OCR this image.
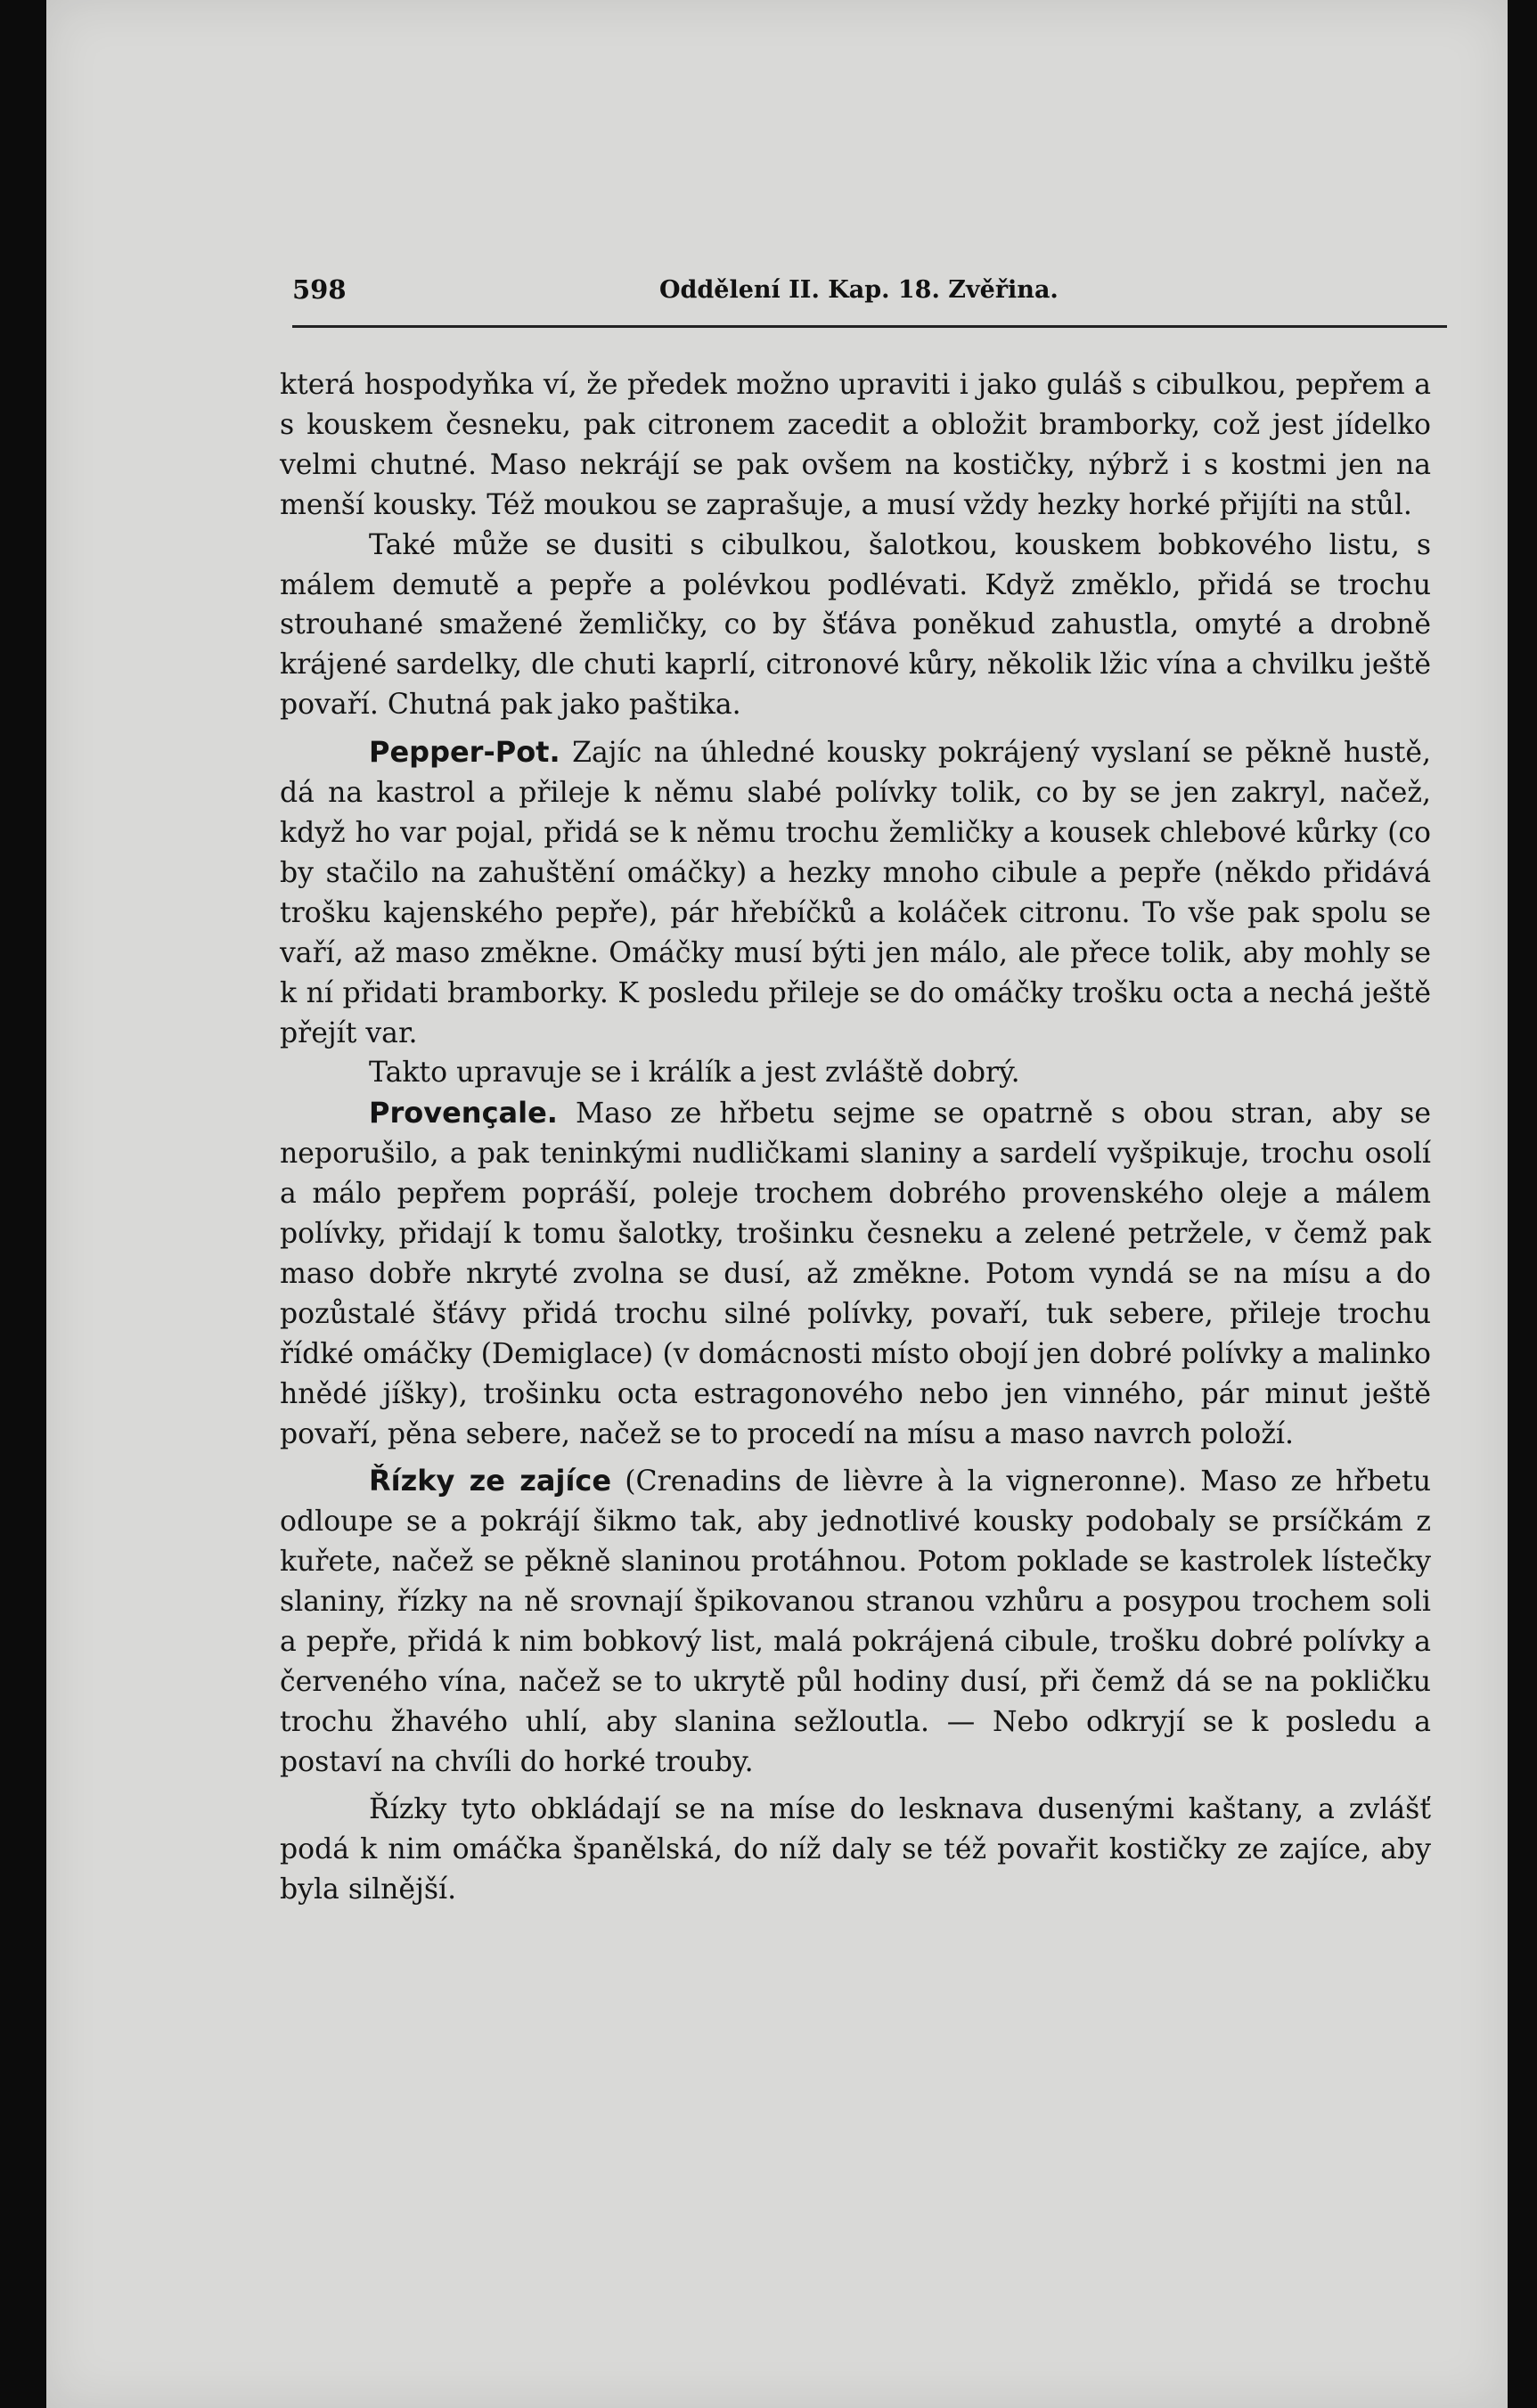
598	Oddělení II. Kap. 18. Zvěřina.

která hospodyňka ví, že předek možno upraviti i jako guláš s cibulkou, pepřem a s kouskem česneku, pak citronem zacedit a obložit bramborky, což jest jídelko velmi chutné. Maso nekrájí se pak ovšem na kostičky, nýbrž i s kostmi jen na menší kousky. Též moukou se zaprašuje, a musí vždy hezky horké přijíti na stůl.

Také může se dusiti s cibulkou, šalotkou, kouskem bobkového listu, s málem demutě a pepře a polévkou podlévati. Když změklo, přidá se trochu strouhané smažené žemličky, co by šťáva poněkud zahustla, omyté a drobně krájené sardelky, dle chuti kaprlí, citronové kůry, několik lžic vína a chvilku ještě povaří. Chutná pak jako paštika.

Pepper-Pot. Zajíc na úhledné kousky pokrájený vyslaní se pěkně hustě, dá na kastrol a přileje k němu slabé polívky tolik, co by se jen zakryl, načež, když ho var pojal, přidá se k němu trochu žemličky a kousek chlebové kůrky (co by stačilo na zahuštění omáčky) a hezky mnoho cibule a pepře (někdo přidává trošku kajenského pepře), pár hřebíčků a koláček citronu. To vše pak spolu se vaří, až maso změkne. Omáčky musí býti jen málo, ale přece tolik, aby mohly se k ní přidati bramborky. K posledu přileje se do omáčky trošku octa a nechá ještě přejít var.

Takto upravuje se i králík a jest zvláště dobrý.

Provençale. Maso ze hřbetu sejme se opatrně s obou stran, aby se neporušilo, a pak teninkými nudličkami slaniny a sardelí vyšpikuje, trochu osolí a málo pepřem popráší, poleje trochem dobrého provenského oleje a málem polívky, přidají k tomu šalotky, trošinku česneku a zelené petržele, v čemž pak maso dobře nkryté zvolna se dusí, až změkne. Potom vyndá se na mísu a do pozůstalé šťávy přidá trochu silné polívky, povaří, tuk sebere, přileje trochu řídké omáčky (Demiglace) (v domácnosti místo obojí jen dobré polívky a malinko hnědé jíšky), trošinku octa estragonového nebo jen vinného, pár minut ještě povaří, pěna sebere, načež se to procedí na mísu a maso navrch položí.

Řízky ze zajíce (Crenadins de lièvre à la vigneronne). Maso ze hřbetu odloupe se a pokrájí šikmo tak, aby jednotlivé kousky podobaly se prsíčkám z kuřete, načež se pěkně slaninou protáhnou. Potom poklade se kastrolek lístečky slaniny, řízky na ně srovnají špikovanou stranou vzhůru a posypou trochem soli a pepře, přidá k nim bobkový list, malá pokrájená cibule, trošku dobré polívky a červeného vína, načež se to ukrytě půl hodiny dusí, při čemž dá se na pokličku trochu žhavého uhlí, aby slanina sežloutla. — Nebo odkryjí se k posledu a postaví na chvíli do horké trouby.

Řízky tyto obkládají se na míse do lesknava dusenými kaštany, a zvlášť podá k nim omáčka španělská, do níž daly se též povařit kostičky ze zajíce, aby byla silnější.
